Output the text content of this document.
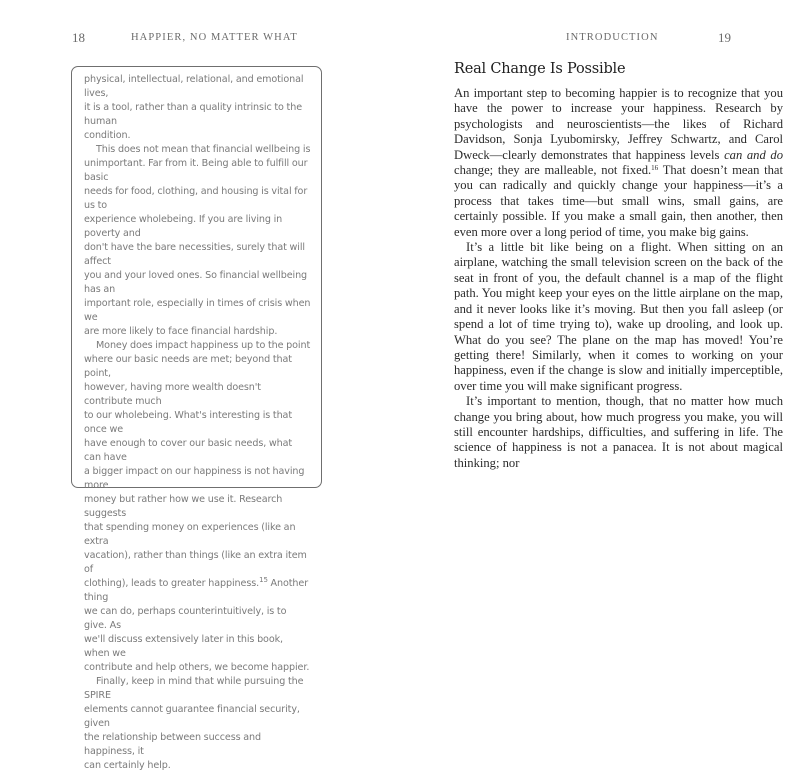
18	HAPPIER, NO MATTER WHAT

physical, intellectual, relational, and emotional lives,
it is a tool, rather than a quality intrinsic to the human
condition.

This does not mean that financial wellbeing is
unimportant. Far from it. Being able to fulfill our basic
needs for food, clothing, and housing is vital for us to
experience wholebeing. If you are living in poverty and
don't have the bare necessities, surely that will affect
you and your loved ones. So financial wellbeing has an
important role, especially in times of crisis when we
are more likely to face financial hardship.

Money does impact happiness up to the point
where our basic needs are met; beyond that point,
however, having more wealth doesn't contribute much
to our wholebeing. What's interesting is that once we
have enough to cover our basic needs, what can have
a bigger impact on our happiness is not having more
money but rather how we use it. Research suggests
that spending money on experiences (like an extra
vacation), rather than things (like an extra item of
clothing), leads to greater happiness.$^{15}$ Another thing
we can do, perhaps counterintuitively, is to give. As
we'll discuss extensively later in this book, when we
contribute and help others, we become happier.

Finally, keep in mind that while pursuing the SPIRE
elements cannot guarantee financial security, given
the relationship between success and happiness, it
can certainly help.

INTRODUCTION	19
Real Change Is Possible

An important step to becoming happier is to recognize that you have the power to increase your happiness. Research by psychologists and neuroscientists—the likes of Richard Davidson, Sonja Lyubomirsky, Jeffrey Schwartz, and Carol Dweck—clearly demonstrates that happiness levels can and do change; they are malleable, not fixed.$^{16}$ That doesn’t mean that you can radically and quickly change your happiness—it’s a process that takes time—but small wins, small gains, are certainly possible. If you make a small gain, then another, then even more over a long period of time, you make big gains.

It’s a little bit like being on a flight. When sitting on an airplane, watching the small television screen on the back of the seat in front of you, the default channel is a map of the flight path. You might keep your eyes on the little airplane on the map, and it never looks like it’s moving. But then you fall asleep (or spend a lot of time trying to), wake up drooling, and look up. What do you see? The plane on the map has moved! You’re getting there! Similarly, when it comes to working on your happiness, even if the change is slow and initially imperceptible, over time you will make significant progress.

It’s important to mention, though, that no matter how much change you bring about, how much progress you make, you will still encounter hardships, difficulties, and suffering in life. The science of happiness is not a panacea. It is not about magical thinking; nor
